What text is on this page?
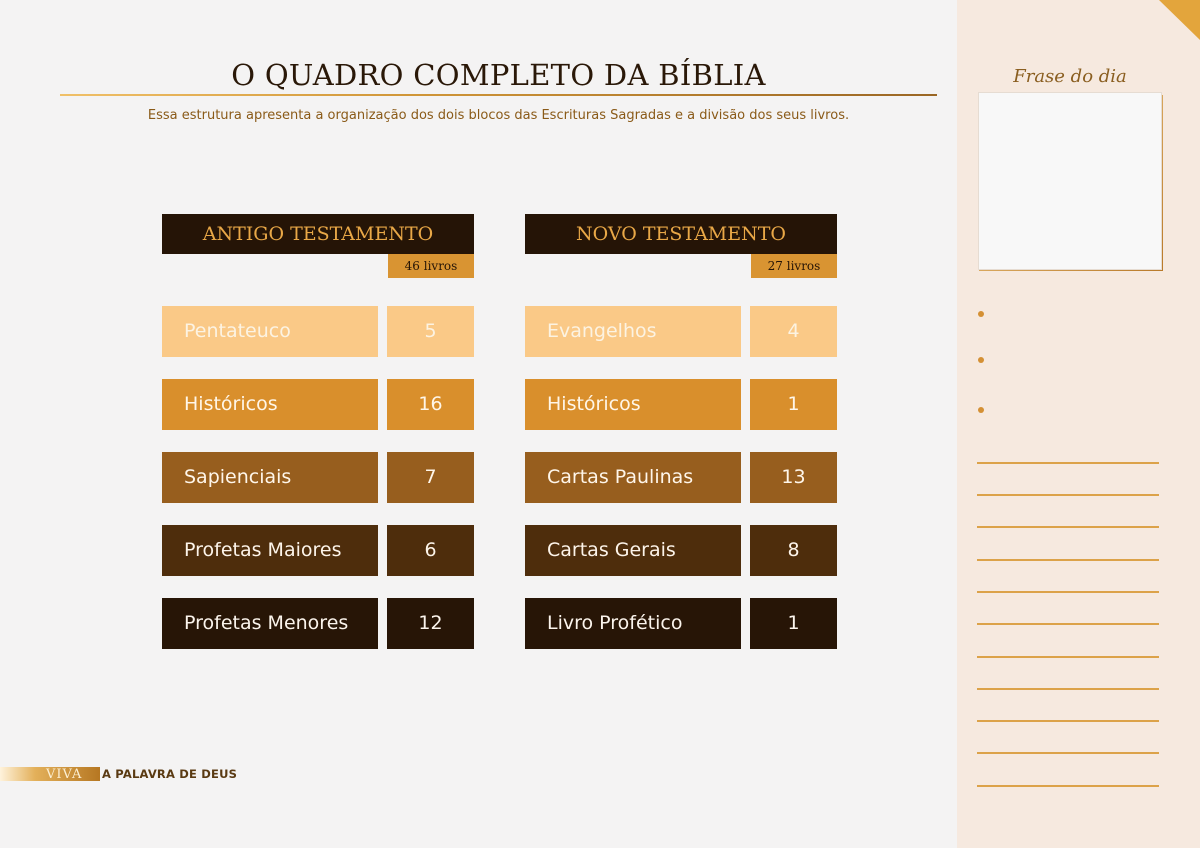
O QUADRO COMPLETO DA BÍBLIA
Essa estrutura apresenta a organização dos dois blocos das Escrituras Sagradas e a divisão dos seus livros.
ANTIGO TESTAMENTO
46 livros
Pentateuco	5
Históricos	16
Sapienciais	7
Profetas Maiores	6
Profetas Menores	12
NOVO TESTAMENTO
27 livros
Evangelhos	4
Históricos	1
Cartas Paulinas	13
Cartas Gerais	8
Livro Profético	1
VIVA A PALAVRA DE DEUS
Frase do dia
